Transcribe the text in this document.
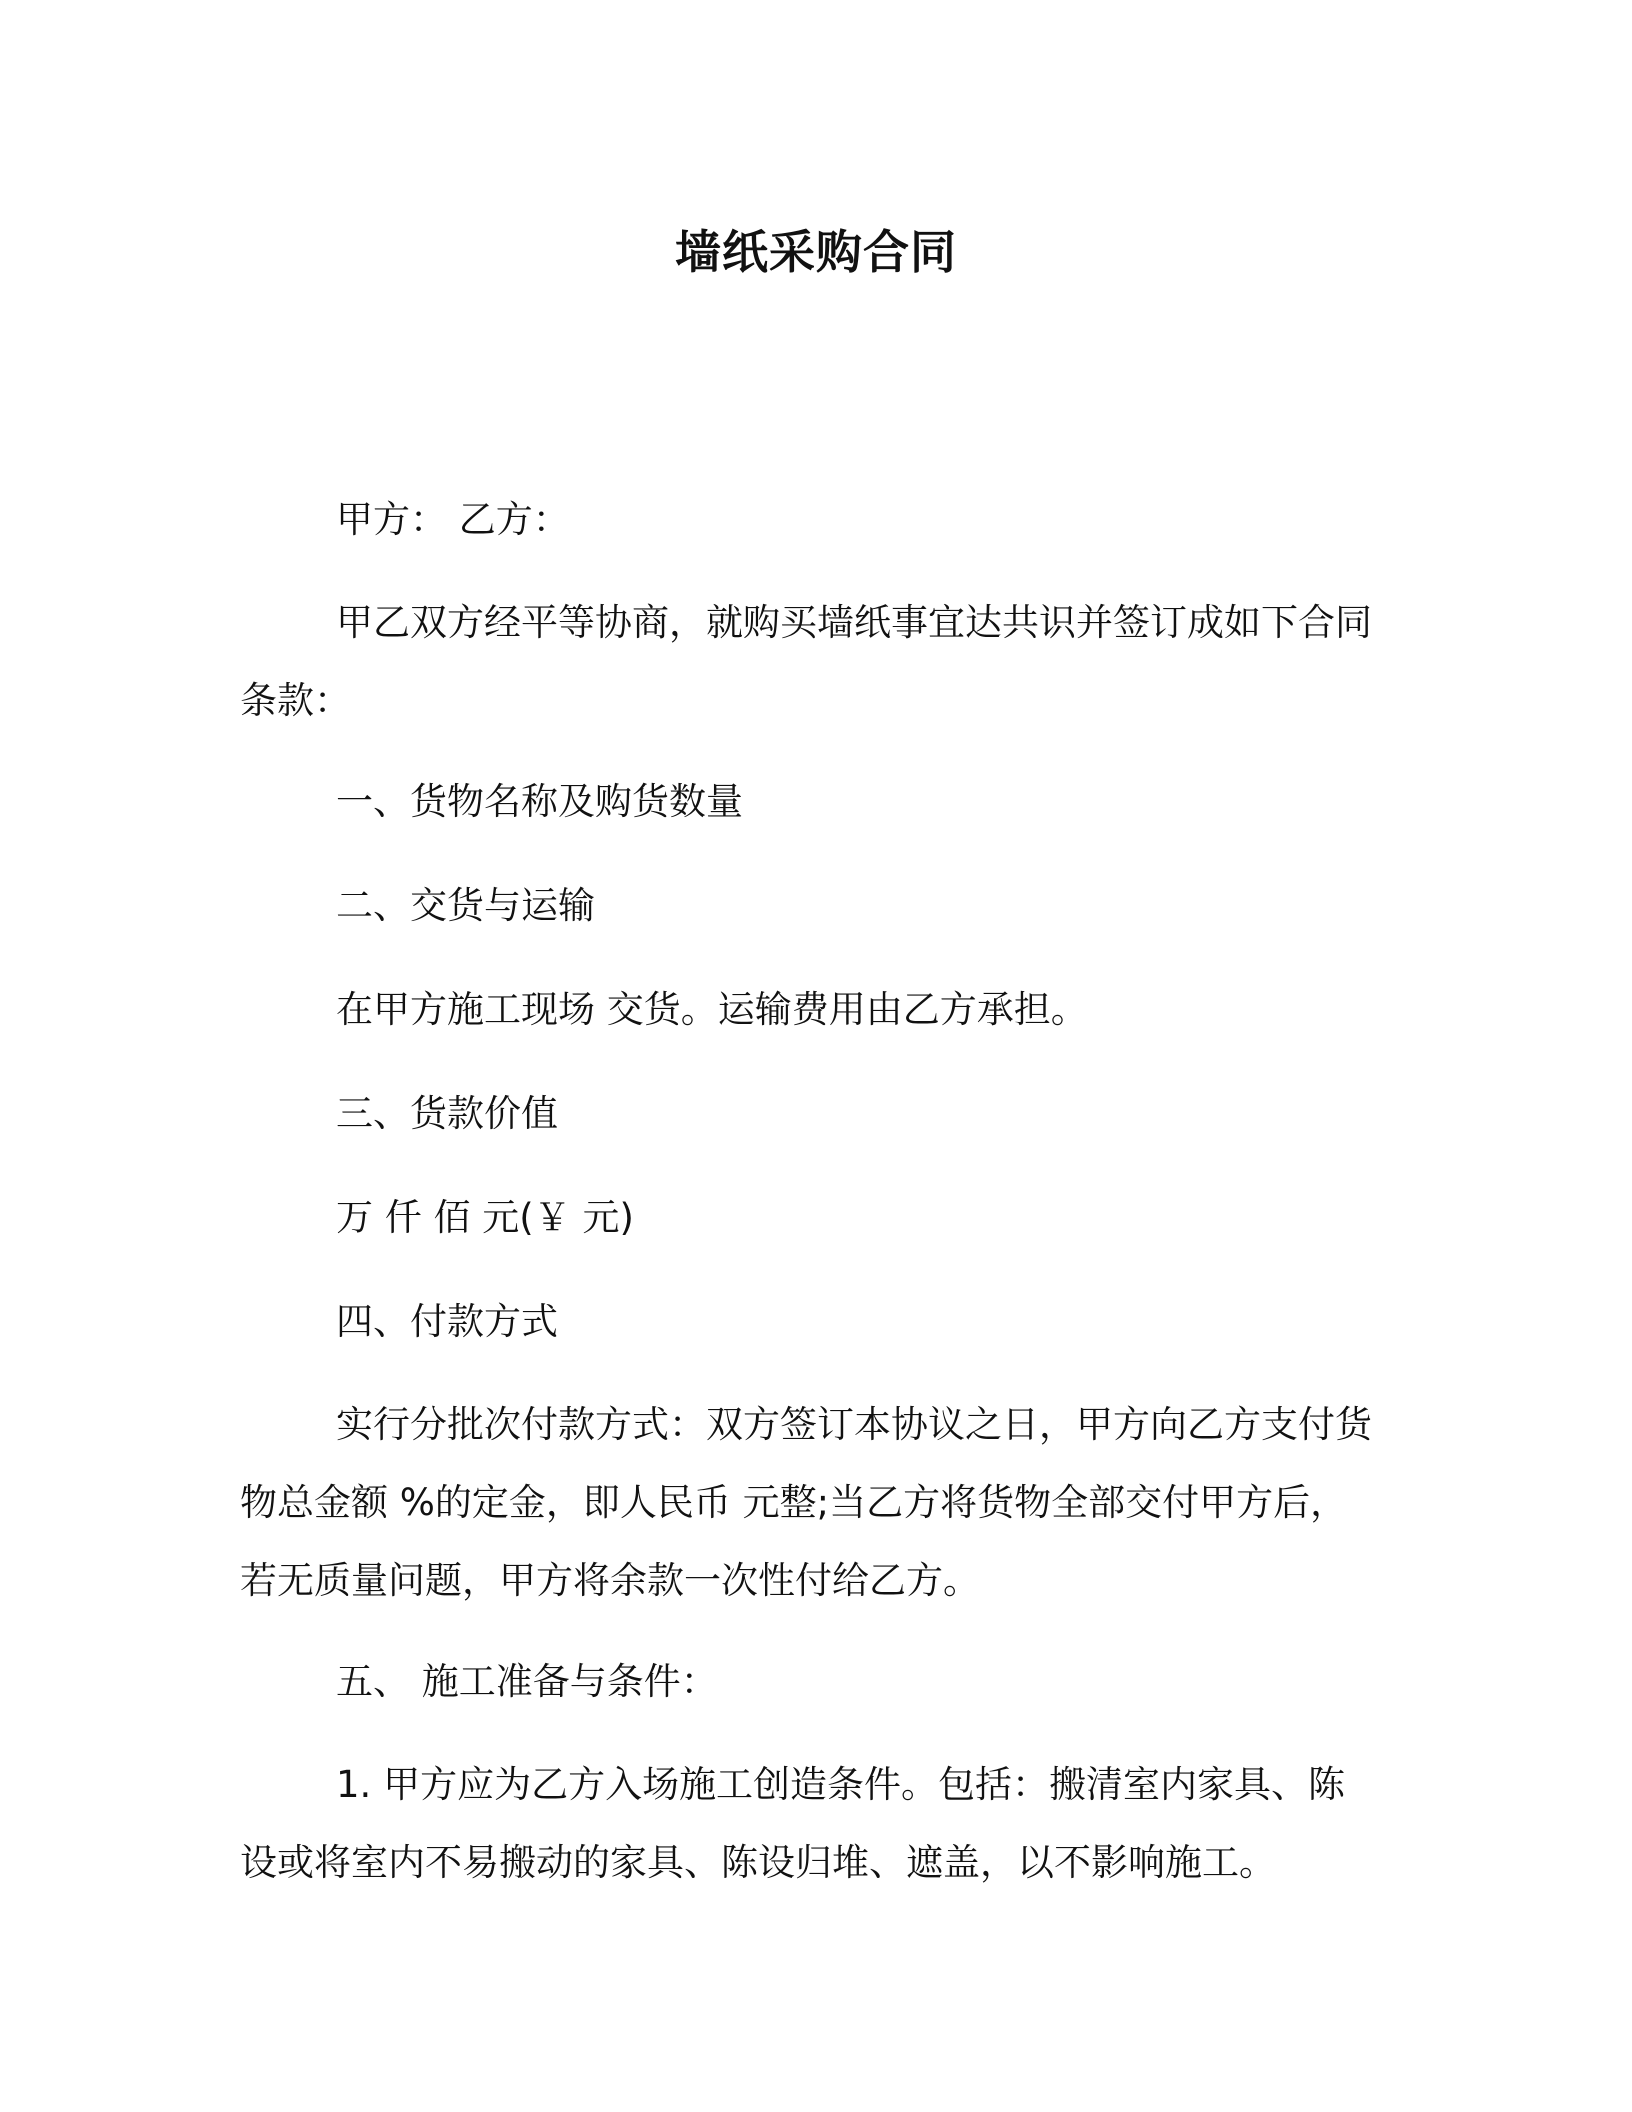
墙纸采购合同
甲方： 乙方：

甲乙双方经平等协商，就购买墙纸事宜达共识并签订成如下合同条款：

一、货物名称及购货数量
二、交货与运输
在甲方施工现场 交货。运输费用由乙方承担。
三、货款价值
万 仟 佰 元(￥ 元)
四、付款方式

实行分批次付款方式：双方签订本协议之日，甲方向乙方支付货物总金额 %的定金，即人民币 元整;当乙方将货物全部交付甲方后，若无质量问题，甲方将余款一次性付给乙方。

五、 施工准备与条件：

1. 甲方应为乙方入场施工创造条件。包括：搬清室内家具、陈设或将室内不易搬动的家具、陈设归堆、遮盖，以不影响施工。
